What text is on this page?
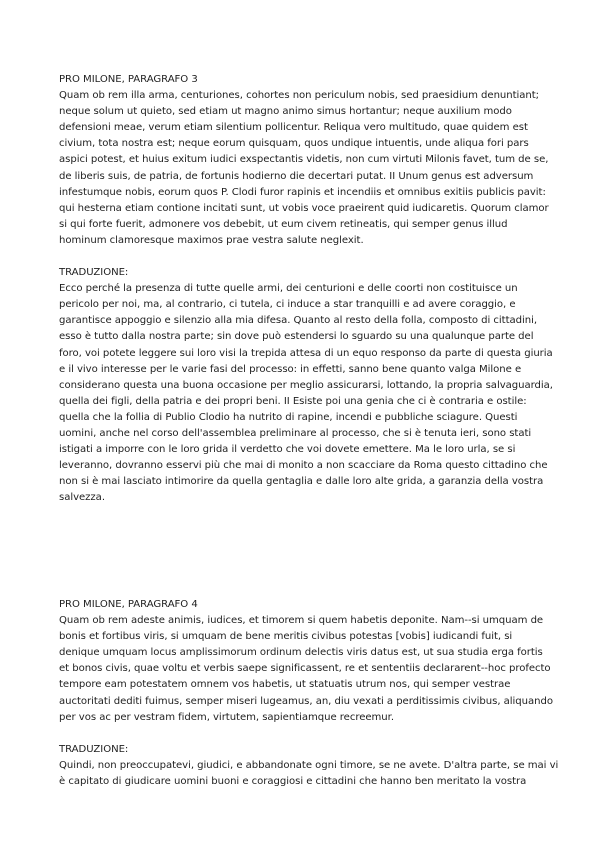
PRO MILONE, PARAGRAFO 3

Quam ob rem illa arma, centuriones, cohortes non periculum nobis, sed praesidium denuntiant;
neque solum ut quieto, sed etiam ut magno animo simus hortantur; neque auxilium modo
defensioni meae, verum etiam silentium pollicentur. Reliqua vero multitudo, quae quidem est
civium, tota nostra est; neque eorum quisquam, quos undique intuentis, unde aliqua fori pars
aspici potest, et huius exitum iudici exspectantis videtis, non cum virtuti Milonis favet, tum de se,
de liberis suis, de patria, de fortunis hodierno die decertari putat. II Unum genus est adversum
infestumque nobis, eorum quos P. Clodi furor rapinis et incendiis et omnibus exitiis publicis pavit:
qui hesterna etiam contione incitati sunt, ut vobis voce praeirent quid iudicaretis. Quorum clamor
si qui forte fuerit, admonere vos debebit, ut eum civem retineatis, qui semper genus illud
hominum clamoresque maximos prae vestra salute neglexit.

TRADUZIONE:

Ecco perché la presenza di tutte quelle armi, dei centurioni e delle coorti non costituisce un
pericolo per noi, ma, al contrario, ci tutela, ci induce a star tranquilli e ad avere coraggio, e
garantisce appoggio e silenzio alla mia difesa. Quanto al resto della folla, composto di cittadini,
esso è tutto dalla nostra parte; sin dove può estendersi lo sguardo su una qualunque parte del
foro, voi potete leggere sui loro visi la trepida attesa di un equo responso da parte di questa giuria
e il vivo interesse per le varie fasi del processo: in effetti, sanno bene quanto valga Milone e
considerano questa una buona occasione per meglio assicurarsi, lottando, la propria salvaguardia,
quella dei figli, della patria e dei propri beni. II Esiste poi una genia che ci è contraria e ostile:
quella che la follia di Publio Clodio ha nutrito di rapine, incendi e pubbliche sciagure. Questi
uomini, anche nel corso dell'assemblea preliminare al processo, che si è tenuta ieri, sono stati
istigati a imporre con le loro grida il verdetto che voi dovete emettere. Ma le loro urla, se si
leveranno, dovranno esservi più che mai di monito a non scacciare da Roma questo cittadino che
non si è mai lasciato intimorire da quella gentaglia e dalle loro alte grida, a garanzia della vostra
salvezza.

PRO MILONE, PARAGRAFO 4

Quam ob rem adeste animis, iudices, et timorem si quem habetis deponite. Nam--si umquam de
bonis et fortibus viris, si umquam de bene meritis civibus potestas [vobis] iudicandi fuit, si
denique umquam locus amplissimorum ordinum delectis viris datus est, ut sua studia erga fortis
et bonos civis, quae voltu et verbis saepe significassent, re et sententiis declararent--hoc profecto
tempore eam potestatem omnem vos habetis, ut statuatis utrum nos, qui semper vestrae
auctoritati dediti fuimus, semper miseri lugeamus, an, diu vexati a perditissimis civibus, aliquando
per vos ac per vestram fidem, virtutem, sapientiamque recreemur.

TRADUZIONE:

Quindi, non preoccupatevi, giudici, e abbandonate ogni timore, se ne avete. D'altra parte, se mai vi
è capitato di giudicare uomini buoni e coraggiosi e cittadini che hanno ben meritato la vostra
